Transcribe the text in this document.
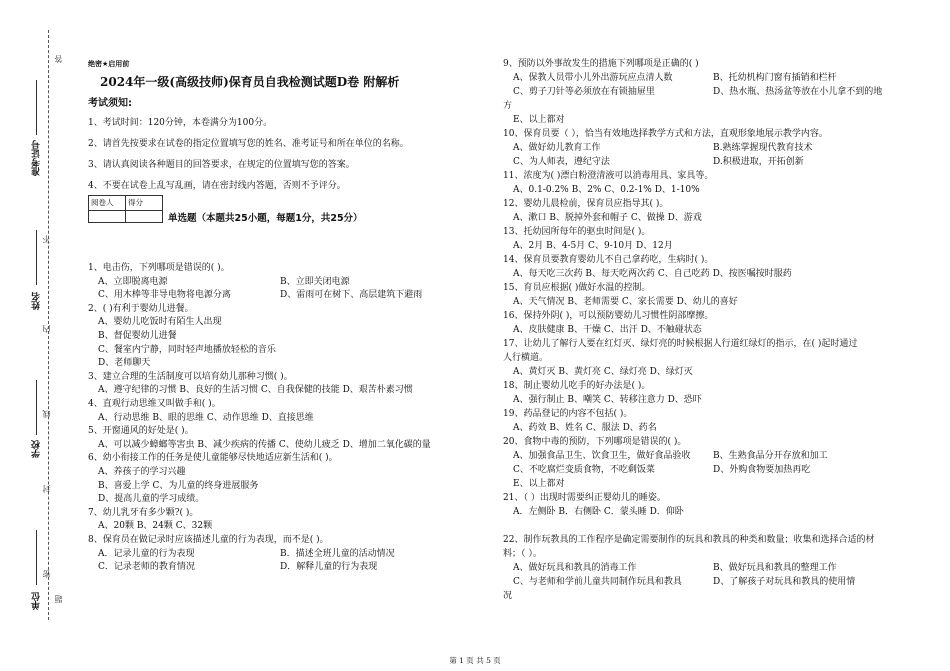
准考证号
姓名
学校
单位
答
不
内
线
封
密
题
绝密★启用前
2024年一级(高级技师)保育员自我检测试题D卷 附解析
考试须知:
1、考试时间：120分钟，本卷满分为100分。
2、请首先按要求在试卷的指定位置填写您的姓名、准考证号和所在单位的名称。
3、请认真阅读各种题目的回答要求，在规定的位置填写您的答案。
4、不要在试卷上乱写乱画，请在密封线内答题，否则不予评分。
阅卷人	得分

单选题（本题共25小题，每题1分，共25分）
1、电击伤，下列哪项是错误的( )。
A、立即脱离电源	B、立即关闭电源
C、用木棒等非导电物将电源分离	D、雷雨可在树下、高层建筑下避雨
2、( )有利于婴幼儿进餐。
A、婴幼儿吃饭时有陌生人出现
B、督促婴幼儿进餐
C、餐室内宁静，同时轻声地播放轻松的音乐
D、老师聊天
3、建立合理的生活制度可以培育幼儿那种习惯( )。
A、遵守纪律的习惯 B、良好的生活习惯 C、自我保健的技能 D、艰苦朴素习惯
4、直观行动思维又叫做手和( )。
A、行动思维 B、眼的思维 C、动作思维 D、直接思维
5、开窗通风的好处是( )。
A、可以减少蟑螂等害虫 B、减少疾病的传播 C、使幼儿疲乏 D、增加二氧化碳的量
6、幼小衔接工作的任务是使儿童能够尽快地适应新生活和( )。
A、养孩子的学习兴趣
B、喜爱上学 C、为儿童的终身进展服务
D、提高儿童的学习成绩。
7、幼儿乳牙有多少颗?( )。
A、20颗 B、24颗 C、32颗
8、保育员在做记录时应该描述儿童的行为表现，而不是( )。
A．记录儿童的行为表现	B．描述全班儿童的活动情况
C．记录老师的教育情况	D．解释儿童的行为表现
9、预防以外事故发生的措施下列哪项是正确的( )
A、保教人员带小儿外出游玩应点清人数	B、托幼机构门窗有插销和栏杆
C、剪子刀针等必须放在有锁抽屉里	D、热水瓶、热汤盆等放在小儿拿不到的地
方
E、以上都对
10、保育员要（ ），恰当有效地选择教学方式和方法，直观形象地展示教学内容。
A、做好幼儿教育工作	B.熟练掌握现代教育技术
C、为人师表，遵纪守法	D.积极进取，开拓创新
11、浓度为( )漂白粉澄清液可以消毒用具、家具等。
A、0.1-0.2% B、2% C、0.2-1% D、1-10%
12、婴幼儿晨检前，保育员应指导其( )。
A、漱口 B、脱掉外套和帽子 C、做操 D、游戏
13、托幼园所每年的驱虫时间是( )。
A、2月 B、4-5月 C、9-10月 D、12月
14、保育员要教育婴幼儿不自己拿药吃，生病时( )。
A、每天吃三次药 B、每天吃两次药 C、自己吃药 D、按医嘱按时服药
15、育员应根据( )做好水温的控制。
A、天气情况 B、老师需要 C、家长需要 D、幼儿的喜好
16、保持外阴( )，可以预防婴幼儿习惯性阴部摩擦。
A、皮肤健康 B、干燥 C、出汗 D、不触碰状态
17、让幼儿了解行人要在红灯灭、绿灯亮的时候根据人行道红绿灯的指示，在( )起时通过
人行横道。
A、黄灯灭 B、黄灯亮 C、绿灯亮 D、绿灯灭
18、制止婴幼儿吃手的好办法是( )。
A、强行制止 B、嘲笑 C、转移注意力 D、恐吓
19、药品登记的内容不包括( )。
A、药效 B、姓名 C、服法 D、药名
20、食物中毒的预防，下列哪项是错误的( )。
A、加强食品卫生、饮食卫生，做好食品验收 B、生熟食品分开存放和加工
C、不吃腐烂变质食物，不吃剩饭菜	D、外购食物要加热再吃
E、以上都对
21、（ ）出现时需要纠正婴幼儿的睡姿。
A．左侧卧 B．右侧卧 C．蒙头睡 D．仰卧
22、制作玩教具的工作程序是确定需要制作的玩具和教具的种类和数量；收集和选择合适的材
料；（ ）。
A、做好玩具和教具的消毒工作	B、做好玩具和教具的整理工作
C、与老师和学前儿童共同制作玩具和教具	D、了解孩子对玩具和教具的使用情
况
第 1 页 共 5 页
